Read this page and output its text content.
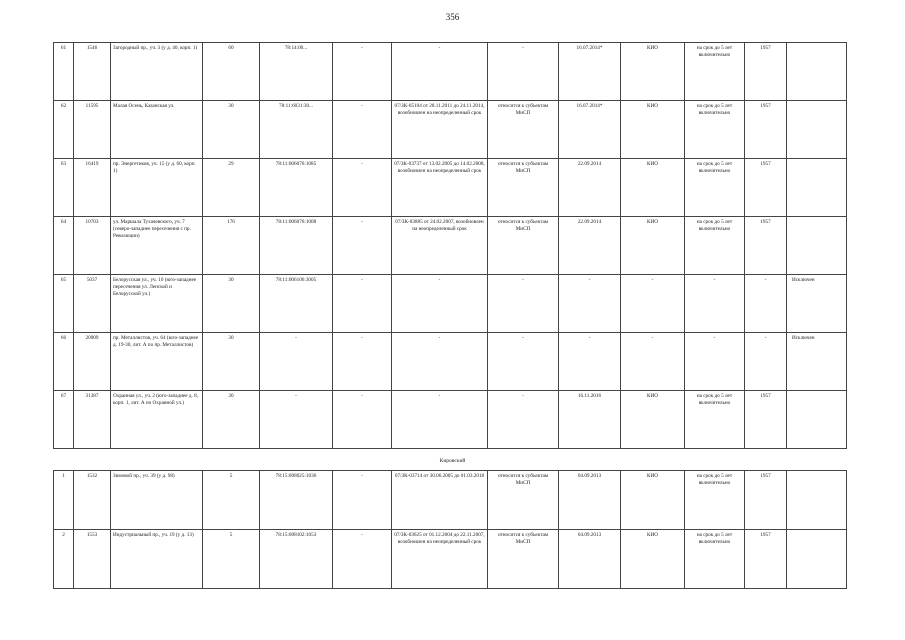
356
61	1546	Загородный пр., уч. 3 (у д. 40, корп. 1)	60	78:14:00...	-	-	-	16.07.2014*	КИО	на срок до 5 лет включительно	1957	
62	11595	Малая Осень, Казанская ул.	30	78:11:6031:30...	-	07/ЗК-05104 от 28.11.2011 до 24.11.2014, возобновлен на неопределенный срок	относится к субъектам МиСП	16.07.2014*	КИО	на срок до 5 лет включительно	1957	
63	16419	пр. Энергетиков, уч. 15 (у д. 60, корп. 1)	29	78:11:006076:1085	-	07/ЗК-03737 от 13.02.2005 до 14.02.2008, возобновлен на неопределенный срок	относится к субъектам МиСП	22.09.2014	КИО	на срок до 5 лет включительно	1957	
64	10703	ул. Маршала Тухачевского, уч. 7 (северо-западнее пересечения с пр. Революции)	176	78:11:006076:1008	-	07/ЗК-03885 от 24.02.2007, возобновлен на неопределенный срок	относится к субъектам МиСП	22.09.2014	КИО	на срок до 5 лет включительно	1957	
65	5037	Белорусская ул., уч. 10 (юго-западнее пересечения ул. Ленской и Белорусской ул.)	30	78:11:006106:3005	-	-	-	-	-	-	-	Исключен
66	20909	пр. Металлистов, уч. 64 (юго-западнее д. 19-30, лит. А по пр. Металлистов)	30	-	-	-	-	-	-	-	-	Исключен
67	31387	Охранная ул., уч. 2 (юго-западнее д. 8, корп. 1, лит. А по Охранной ул.)	30	-	-	-	-	16.11.2016	КИО	на срок до 5 лет включительно	1957	
Кировский
1	1532	Зимовой пр., уч. 39 (у д. 98)	5	78:15:008025:1036	-	07/ЗК-03714 от 30.06.2005 до 01.03.2018	относится к субъектам МиСП	04.09.2013	КИО	на срок до 5 лет включительно	1957	
2	1553	Индустриальный пр., уч. 19 (у д. 13)	5	78:15:008102:1053	-	07/ЗК-03625 от 01.12.2004 до 22.11.2007, возобновлен на неопределенный срок	относится к субъектам МиСП	04.09.2013	КИО	на срок до 5 лет включительно	1957	
